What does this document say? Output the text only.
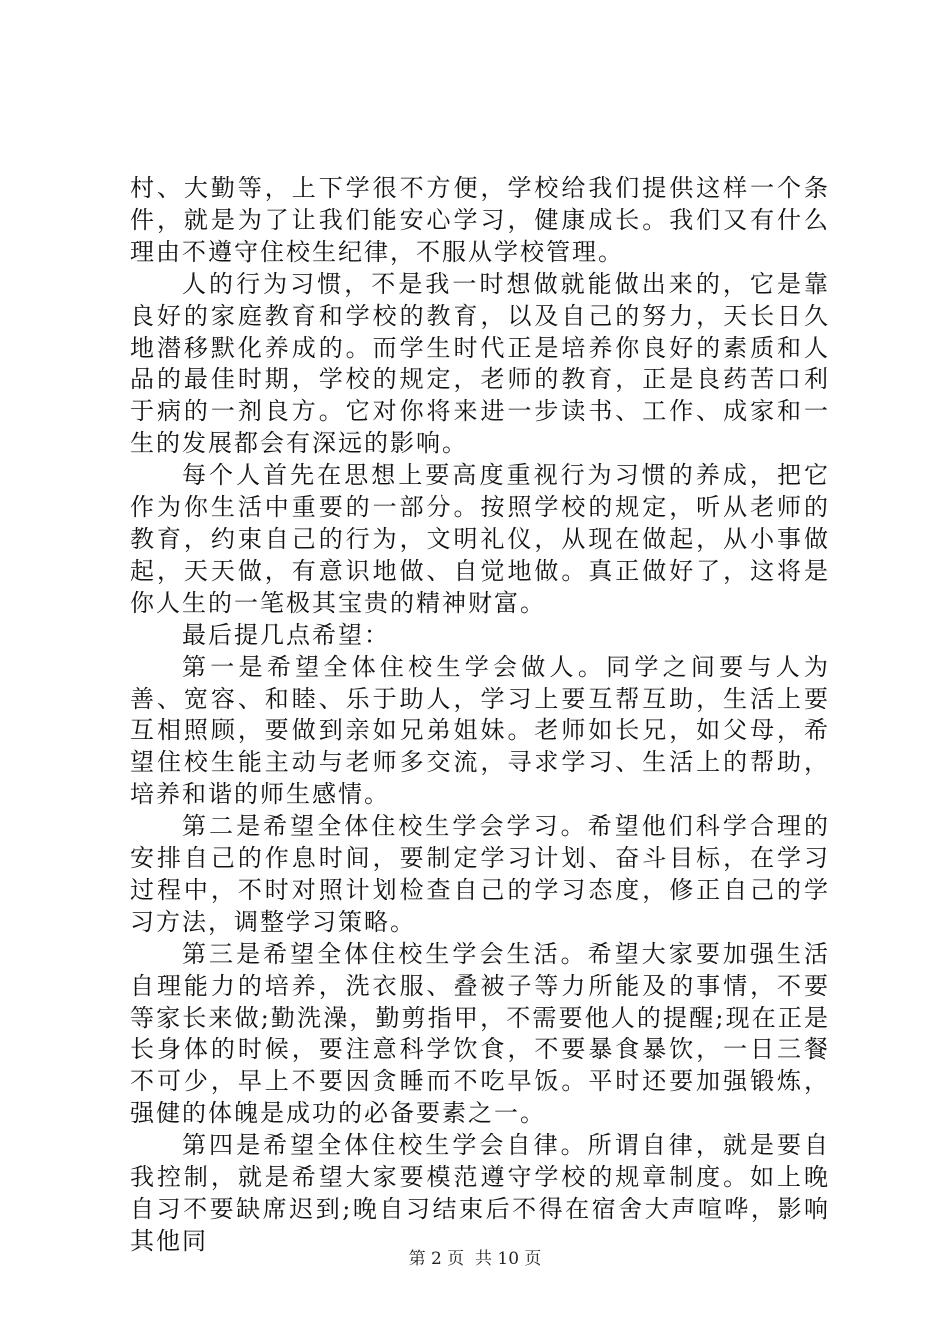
村、大勤等，上下学很不方便，学校给我们提供这样一个条件，就是为了让我们能安心学习，健康成长。我们又有什么理由不遵守住校生纪律，不服从学校管理。

人的行为习惯，不是我一时想做就能做出来的，它是靠良好的家庭教育和学校的教育，以及自己的努力，天长日久地潜移默化养成的。而学生时代正是培养你良好的素质和人品的最佳时期，学校的规定，老师的教育，正是良药苦口利于病的一剂良方。它对你将来进一步读书、工作、成家和一生的发展都会有深远的影响。

每个人首先在思想上要高度重视行为习惯的养成，把它作为你生活中重要的一部分。按照学校的规定，听从老师的教育，约束自己的行为，文明礼仪，从现在做起，从小事做起，天天做，有意识地做、自觉地做。真正做好了，这将是你人生的一笔极其宝贵的精神财富。

最后提几点希望：

第一是希望全体住校生学会做人。同学之间要与人为善、宽容、和睦、乐于助人，学习上要互帮互助，生活上要互相照顾，要做到亲如兄弟姐妹。老师如长兄，如父母，希望住校生能主动与老师多交流，寻求学习、生活上的帮助，培养和谐的师生感情。

第二是希望全体住校生学会学习。希望他们科学合理的安排自己的作息时间，要制定学习计划、奋斗目标，在学习过程中，不时对照计划检查自己的学习态度，修正自己的学习方法，调整学习策略。

第三是希望全体住校生学会生活。希望大家要加强生活自理能力的培养，洗衣服、叠被子等力所能及的事情，不要等家长来做;勤洗澡，勤剪指甲，不需要他人的提醒;现在正是长身体的时候，要注意科学饮食，不要暴食暴饮，一日三餐不可少，早上不要因贪睡而不吃早饭。平时还要加强锻炼，强健的体魄是成功的必备要素之一。

第四是希望全体住校生学会自律。所谓自律，就是要自我控制，就是希望大家要模范遵守学校的规章制度。如上晚自习不要缺席迟到;晚自习结束后不得在宿舍大声喧哗，影响其他同

第 2 页  共 10 页
